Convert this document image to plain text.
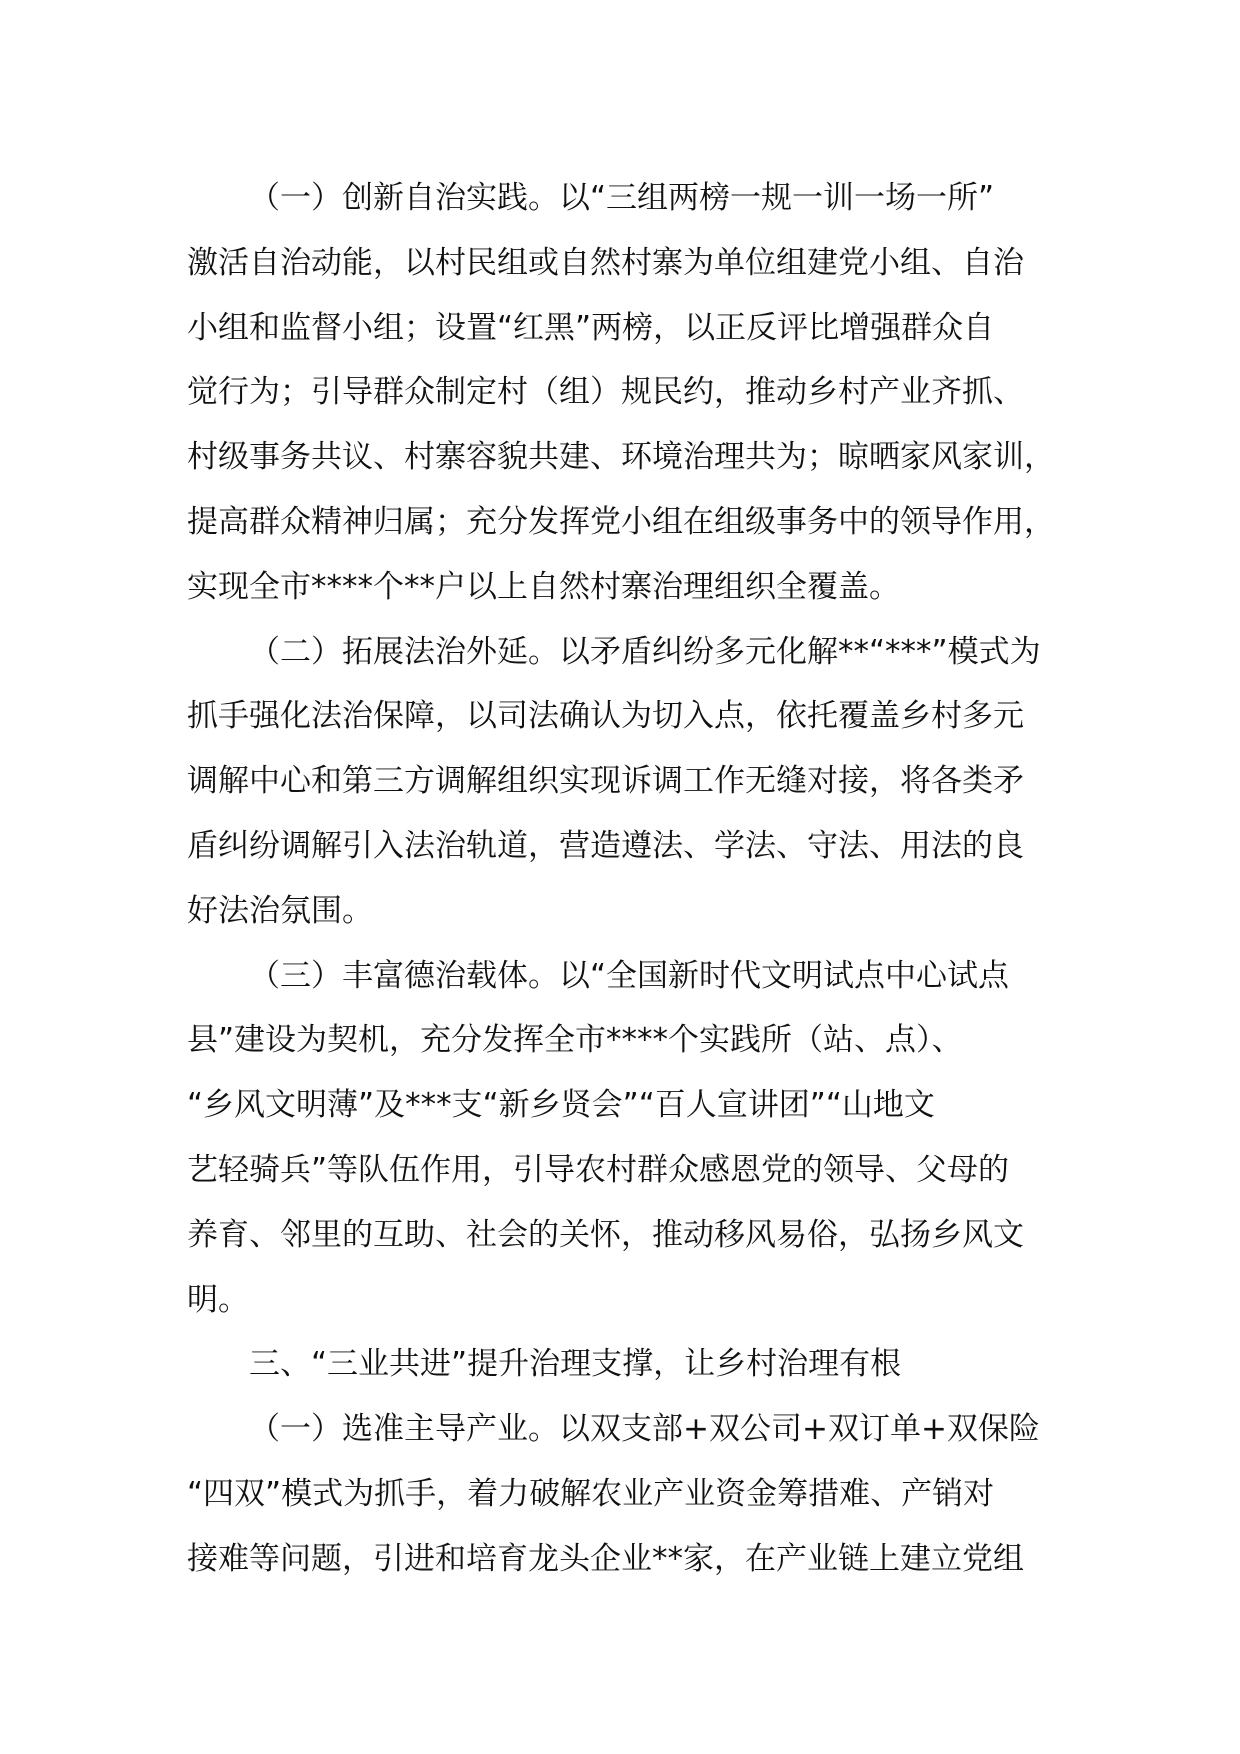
（一）创新自治实践。以“三组两榜一规一训一场一所”
激活自治动能，以村民组或自然村寨为单位组建党小组、自治
小组和监督小组；设置“红黑”两榜，以正反评比增强群众自
觉行为；引导群众制定村（组）规民约，推动乡村产业齐抓、
村级事务共议、村寨容貌共建、环境治理共为；晾晒家风家训，
提高群众精神归属；充分发挥党小组在组级事务中的领导作用，
实现全市****个**户以上自然村寨治理组织全覆盖。
（二）拓展法治外延。以矛盾纠纷多元化解**“***”模式为
抓手强化法治保障，以司法确认为切入点，依托覆盖乡村多元
调解中心和第三方调解组织实现诉调工作无缝对接，将各类矛
盾纠纷调解引入法治轨道，营造遵法、学法、守法、用法的良
好法治氛围。
（三）丰富德治载体。以“全国新时代文明试点中心试点
县”建设为契机，充分发挥全市****个实践所（站、点）、
“乡风文明薄”及***支“新乡贤会”“百人宣讲团”“山地文
艺轻骑兵”等队伍作用，引导农村群众感恩党的领导、父母的
养育、邻里的互助、社会的关怀，推动移风易俗，弘扬乡风文
明。
三、“三业共进”提升治理支撑，让乡村治理有根
（一）选准主导产业。以双支部+双公司+双订单+双保险
“四双”模式为抓手，着力破解农业产业资金筹措难、产销对
接难等问题，引进和培育龙头企业**家，在产业链上建立党组
